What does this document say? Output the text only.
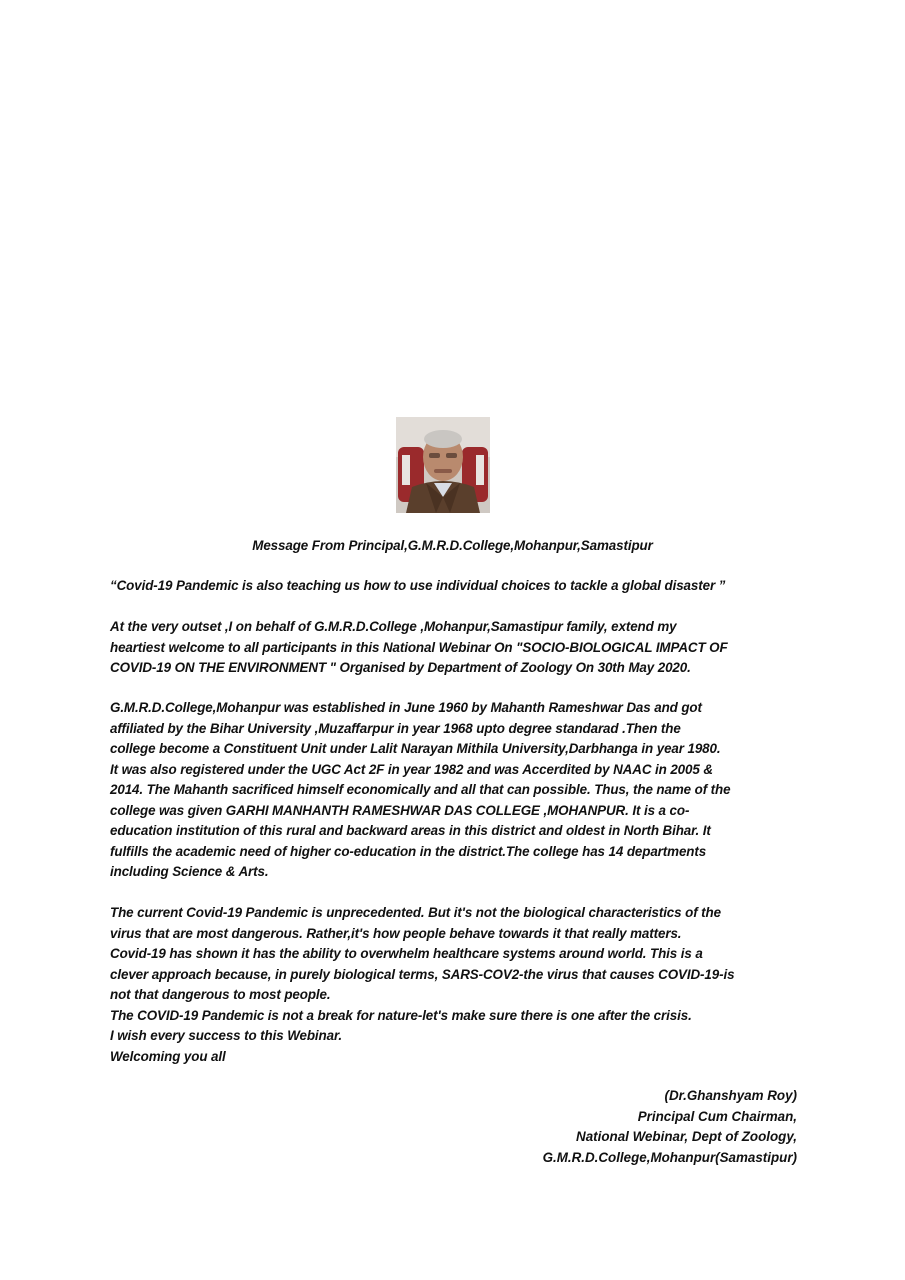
Message From Principal,G.M.R.D.College,Mohanpur,Samastipur
“Covid-19 Pandemic is also teaching us how to use individual choices to tackle a global disaster ”
At the very outset ,I on behalf of G.M.R.D.College ,Mohanpur,Samastipur family, extend my
heartiest welcome to all participants in this National Webinar On "SOCIO-BIOLOGICAL IMPACT OF
COVID-19 ON THE ENVIRONMENT " Organised by Department of Zoology On 30th May 2020.
G.M.R.D.College,Mohanpur was established in June 1960 by Mahanth Rameshwar Das and got
affiliated by the Bihar University ,Muzaffarpur in year 1968 upto degree standarad .Then the
college become a Constituent Unit under Lalit Narayan Mithila University,Darbhanga in year 1980.
It was also registered under the UGC Act 2F in year 1982 and was Accerdited by NAAC in 2005 &
2014. The Mahanth sacrificed himself economically and all that can possible. Thus, the name of the
college was given GARHI MANHANTH RAMESHWAR DAS COLLEGE ,MOHANPUR. It is a co-
education institution of this rural and backward areas in this district and oldest in North Bihar. It
fulfills the academic need of higher co-education in the district.The college has 14 departments
including Science & Arts.
The current Covid-19 Pandemic is unprecedented. But it's not the biological characteristics of the
virus that are most dangerous. Rather,it's how people behave towards it that really matters.
Covid-19 has shown it has the ability to overwhelm healthcare systems around world. This is a
clever approach because, in purely biological terms, SARS-COV2-the virus that causes COVID-19-is
not that dangerous to most people.
The COVID-19 Pandemic is not a break for nature-let's make sure there is one after the crisis.
I wish every success to this Webinar.
Welcoming you all
(Dr.Ghanshyam Roy)
Principal Cum Chairman,
National Webinar, Dept of Zoology,
G.M.R.D.College,Mohanpur(Samastipur)
